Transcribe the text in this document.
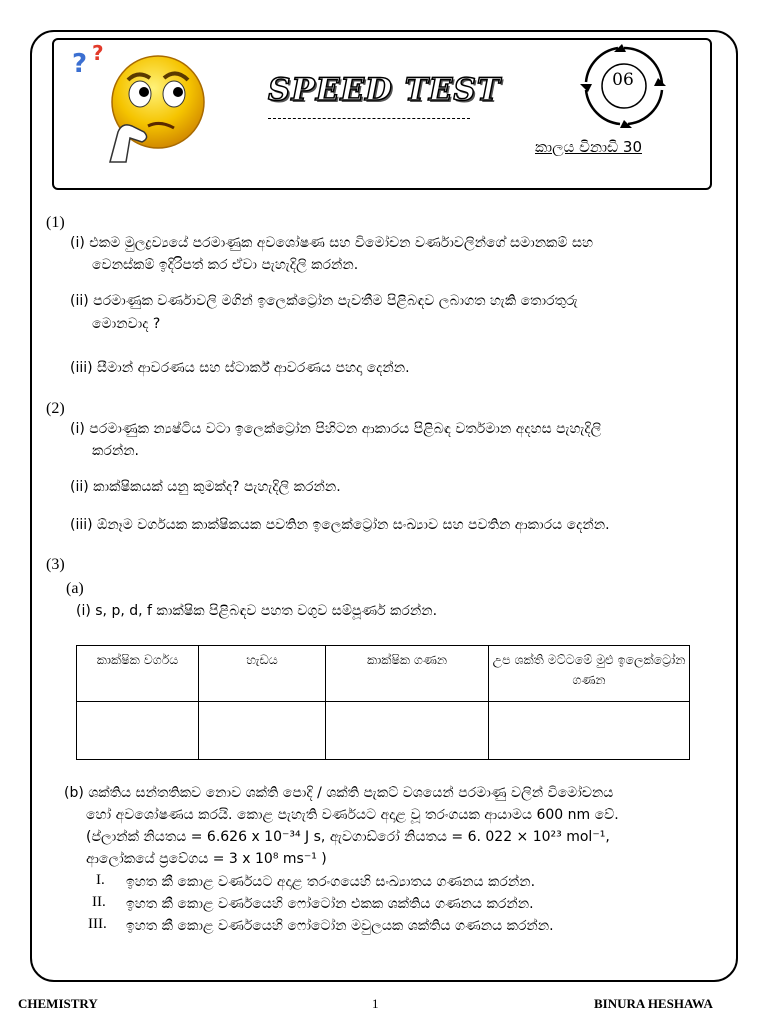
? ?
SPEED TEST	06
කාලය විනාඩි 30
(1)
(i) එකම මුලද්‍රව්‍යයේ පරමාණුක අවශෝෂණ සහ විමෝචන වර්ණාවලින්ගේ සමානකම් සහ
වෙනස්කම් ඉදිරිපත් කර ඒවා පැහැදිලි කරන්න.
(ii) පරමාණුක වර්ණාවලි මගින් ඉලෙක්ට්‍රෝන පැවතීම පිළිබඳව ලබාගත හැකි තොරතුරු
මොනවාද ?
(iii) සීමාන් ආවරණය සහ ස්ටාර්ක් ආවරණය පහදා දෙන්න.
(2)
(i) පරමාණුක න්‍යෂ්ටිය වටා ඉලෙක්ට්‍රෝන පිහිටන ආකාරය පිළිබඳ වර්තමාන අදහස පැහැදිලි
කරන්න.
(ii) කාක්ෂිකයක් යනු කුමක්ද? පැහැදිලි කරන්න.
(iii) ඕනෑම වර්ගයක කාක්ෂිකයක පවතින ඉලෙක්ට්‍රෝන සංඛ්‍යාව සහ පවතින ආකාරය දෙන්න.
(3)
(a)
(i) s, p, d, f කාක්ෂික පිළිබඳව පහත වගුව සම්පූර්ණ කරන්න.
කාක්ෂික වර්ගය	හැඩය	කාක්ෂික ගණන	උප ශක්ති මට්ටමේ මුළු ඉලෙක්ට්‍රෝන ගණන

(b) ශක්තිය සන්තතිකව නොව ශක්ති පොදි / ශක්ති පැකට් වශයෙන් පරමාණු වලින් විමෝචනය
හෝ අවශෝෂණය කරයි. කොළ පැහැති වර්ණයට අදාළ වූ තරංගයක ආයාමය 600 nm වේ.
(ප්ලාන්ක් නියතය = 6.626 x 10⁻³⁴ J s, ඇවගාඩ්රෝ නියතය = 6. 022 × 10²³ mol⁻¹,
ආලෝකයේ ප්‍රවේගය = 3 x 10⁸ ms⁻¹ )
I. ඉහත කී කොළ වර්ණයට අදාළ තරංගයෙහි සංඛ්‍යාතය ගණනය කරන්න.
II. ඉහත කී කොළ වර්ණයෙහි ෆෝටෝන එකක ශක්තිය ගණනය කරන්න.
III. ඉහත කී කොළ වර්ණයෙහි ෆෝටෝන මවුලයක ශක්තිය ගණනය කරන්න.
CHEMISTRY	1	BINURA HESHAWA
